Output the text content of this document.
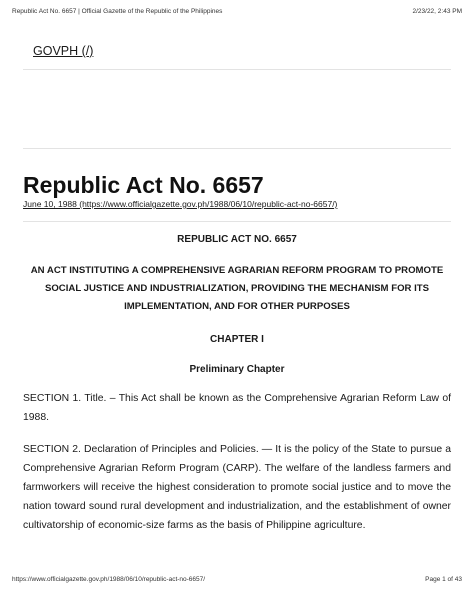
Republic Act No. 6657 | Official Gazette of the Republic of the Philippines	2/23/22, 2:43 PM
GOVPH (/)
Republic Act No. 6657
June 10, 1988 (https://www.officialgazette.gov.ph/1988/06/10/republic-act-no-6657/)

REPUBLIC ACT NO. 6657

AN ACT INSTITUTING A COMPREHENSIVE AGRARIAN REFORM PROGRAM TO PROMOTE SOCIAL JUSTICE AND INDUSTRIALIZATION, PROVIDING THE MECHANISM FOR ITS IMPLEMENTATION, AND FOR OTHER PURPOSES

CHAPTER I

Preliminary Chapter

SECTION 1. Title. – This Act shall be known as the Comprehensive Agrarian Reform Law of 1988.

SECTION 2. Declaration of Principles and Policies. — It is the policy of the State to pursue a Comprehensive Agrarian Reform Program (CARP). The welfare of the landless farmers and farmworkers will receive the highest consideration to promote social justice and to move the nation toward sound rural development and industrialization, and the establishment of owner cultivatorship of economic-size farms as the basis of Philippine agriculture.

https://www.officialgazette.gov.ph/1988/06/10/republic-act-no-6657/	Page 1 of 43
